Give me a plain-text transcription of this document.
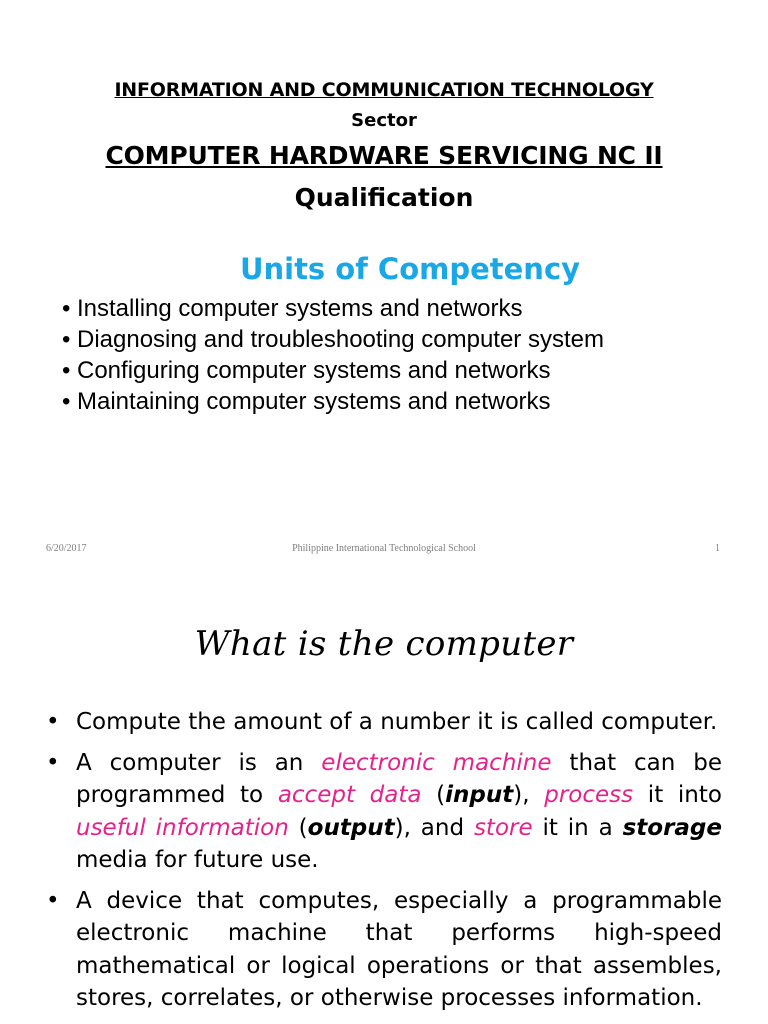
INFORMATION AND COMMUNICATION TECHNOLOGY
Sector
COMPUTER HARDWARE SERVICING NC II
Qualification
Units of Competency
• Installing computer systems and networks
• Diagnosing and troubleshooting computer system
• Configuring computer systems and networks
• Maintaining computer systems and networks
6/20/2017	Philippine International Technological School	1
What is the computer
• Compute the amount of a number it is called computer.
• A computer is an electronic machine that can be programmed to accept data (input), process it into useful information (output), and store it in a storage media for future use.
• A device that computes, especially a programmable electronic machine that performs high-speed mathematical or logical operations or that assembles, stores, correlates, or otherwise processes information.
